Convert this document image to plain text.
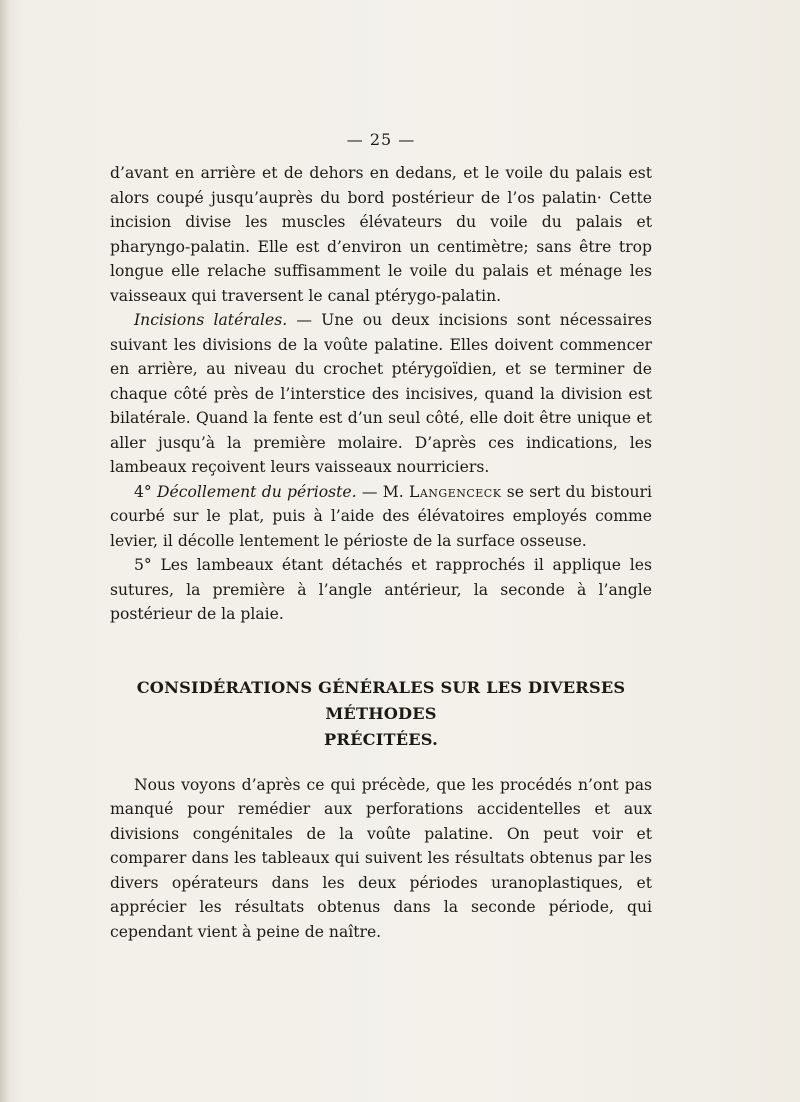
— 25 —

d’avant en arrière et de dehors en dedans, et le voile du palais est alors coupé jusqu’auprès du bord postérieur de l’os palatin· Cette incision divise les muscles élévateurs du voile du palais et pharyngo-palatin. Elle est d’environ un centimètre; sans être trop longue elle relache suffisamment le voile du palais et ménage les vaisseaux qui traversent le canal ptérygo-palatin.

Incisions latérales. — Une ou deux incisions sont nécessaires suivant les divisions de la voûte palatine. Elles doivent commencer en arrière, au niveau du crochet ptérygoïdien, et se terminer de chaque côté près de l’interstice des incisives, quand la division est bilatérale. Quand la fente est d’un seul côté, elle doit être unique et aller jusqu’à la première molaire. D’après ces indications, les lambeaux reçoivent leurs vaisseaux nourriciers.

4° Décollement du périoste. — M. Langenceck se sert du bistouri courbé sur le plat, puis à l’aide des élévatoires employés comme levier, il décolle lentement le périoste de la surface osseuse.

5° Les lambeaux étant détachés et rapprochés il applique les sutures, la première à l’angle antérieur, la seconde à l’angle postérieur de la plaie.

CONSIDÉRATIONS GÉNÉRALES SUR LES DIVERSES MÉTHODES
PRÉCITÉES.

Nous voyons d’après ce qui précède, que les procédés n’ont pas manqué pour remédier aux perforations accidentelles et aux divisions congénitales de la voûte palatine. On peut voir et comparer dans les tableaux qui suivent les résultats obtenus par les divers opérateurs dans les deux périodes uranoplastiques, et apprécier les résultats obtenus dans la seconde période, qui cependant vient à peine de naître.
